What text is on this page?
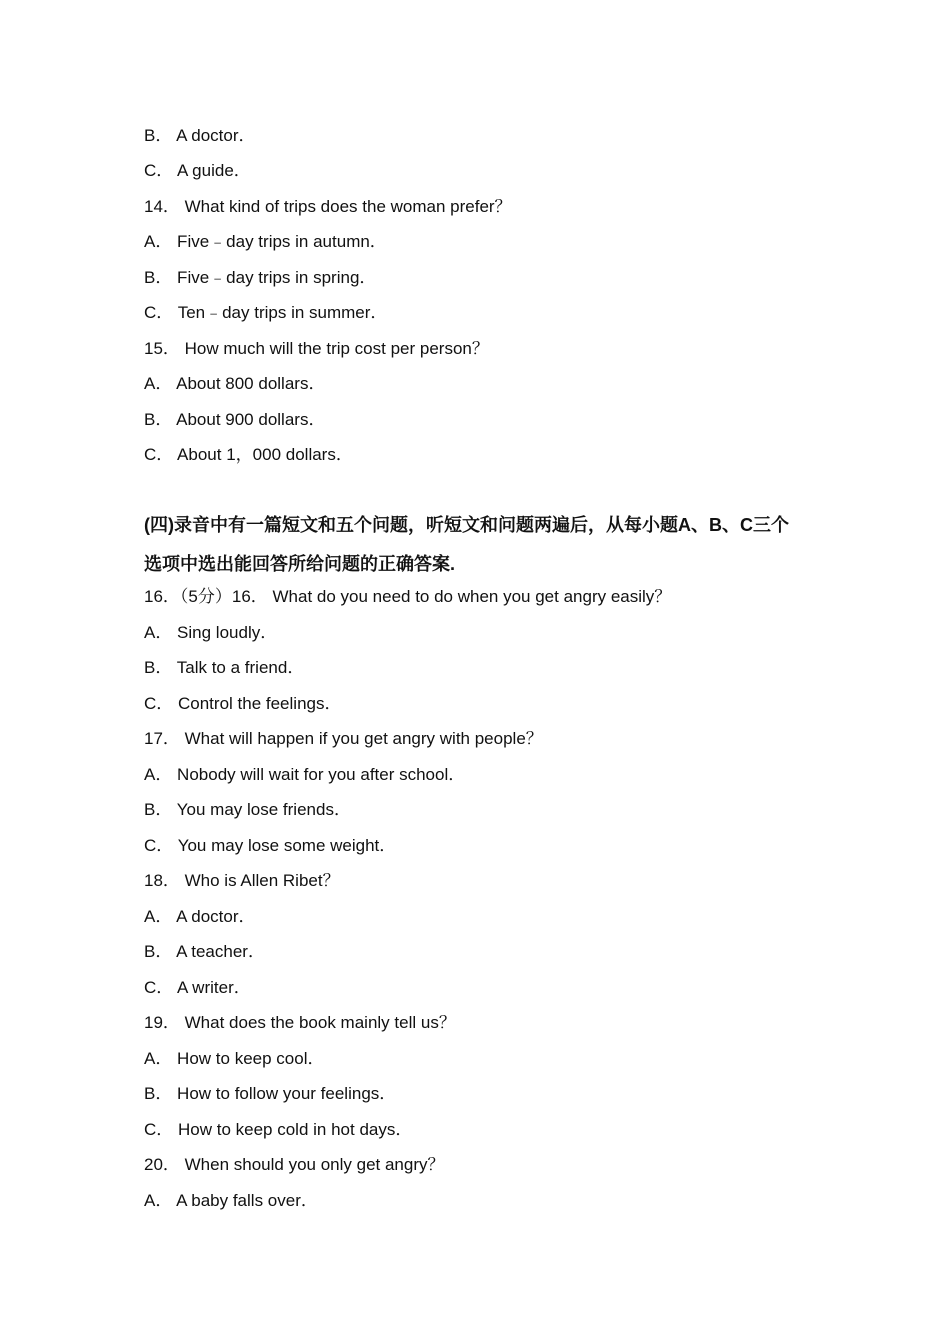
B． A doctor．
C． A guide．
14． What kind of trips does the woman prefer？
A． Five﹣day trips in autumn．
B． Five﹣day trips in spring．
C． Ten﹣day trips in summer．
15． How much will the trip cost per person？
A． About 800 dollars．
B． About 900 dollars．
C． About 1，000 dollars．
(四)录音中有一篇短文和五个问题，听短文和问题两遍后，从每小题A、B、C三个
选项中选出能回答所给问题的正确答案.
16．（5分）16． What do you need to do when you get angry easily？
A． Sing loudly．
B． Talk to a friend．
C． Control the feelings．
17． What will happen if you get angry with people？
A． Nobody will wait for you after school．
B． You may lose friends．
C． You may lose some weight．
18． Who is Allen Ribet？
A． A doctor．
B． A teacher．
C． A writer．
19． What does the book mainly tell us？
A． How to keep cool．
B． How to follow your feelings．
C． How to keep cold in hot days．
20． When should you only get angry？
A． A baby falls over．
